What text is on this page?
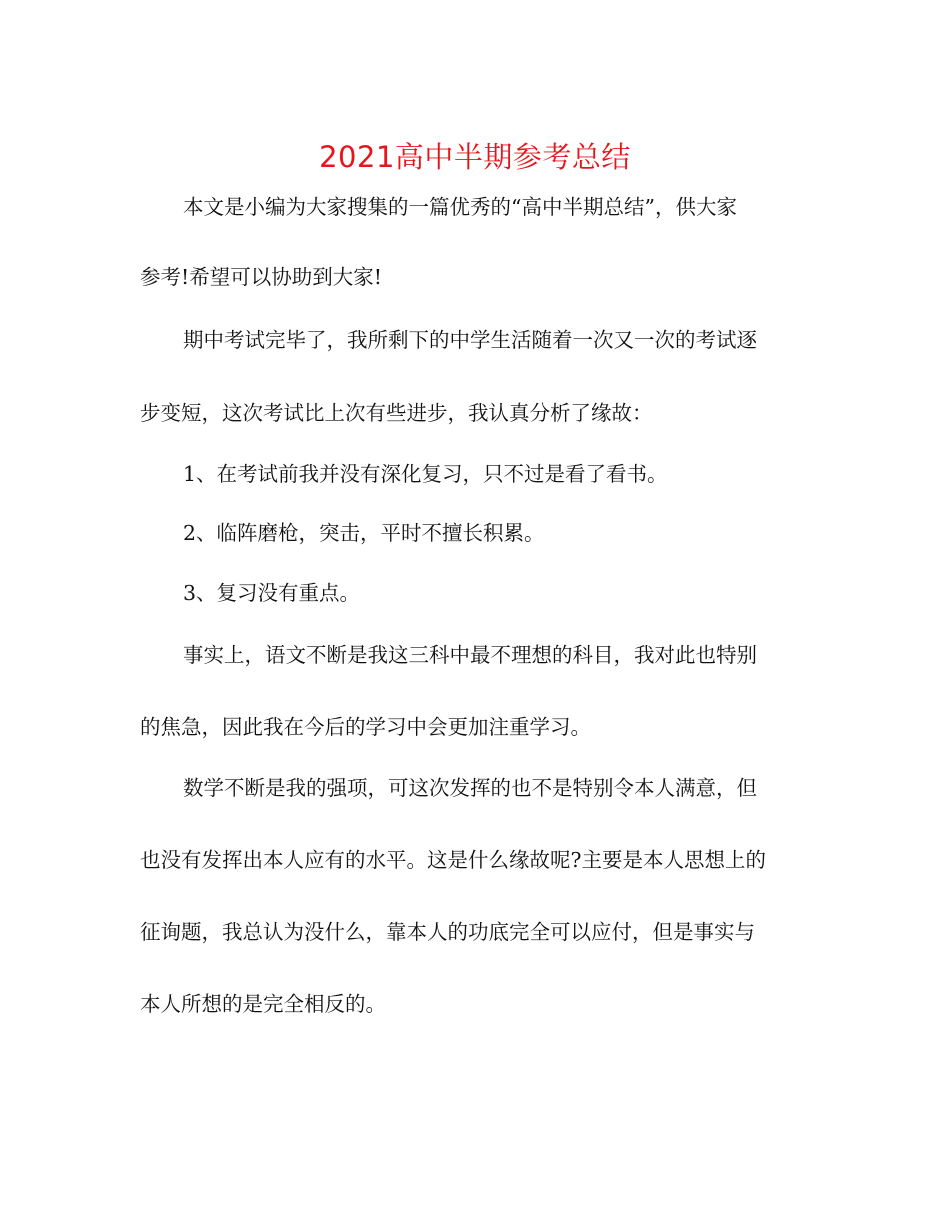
2021高中半期参考总结

本文是小编为大家搜集的一篇优秀的“高中半期总结”，供大家

参考!希望可以协助到大家!

期中考试完毕了，我所剩下的中学生活随着一次又一次的考试逐

步变短，这次考试比上次有些进步，我认真分析了缘故：

1、在考试前我并没有深化复习，只不过是看了看书。

2、临阵磨枪，突击，平时不擅长积累。

3、复习没有重点。

事实上，语文不断是我这三科中最不理想的科目，我对此也特别

的焦急，因此我在今后的学习中会更加注重学习。

数学不断是我的强项，可这次发挥的也不是特别令本人满意，但

也没有发挥出本人应有的水平。这是什么缘故呢?主要是本人思想上的

征询题，我总认为没什么，靠本人的功底完全可以应付，但是事实与

本人所想的是完全相反的。
